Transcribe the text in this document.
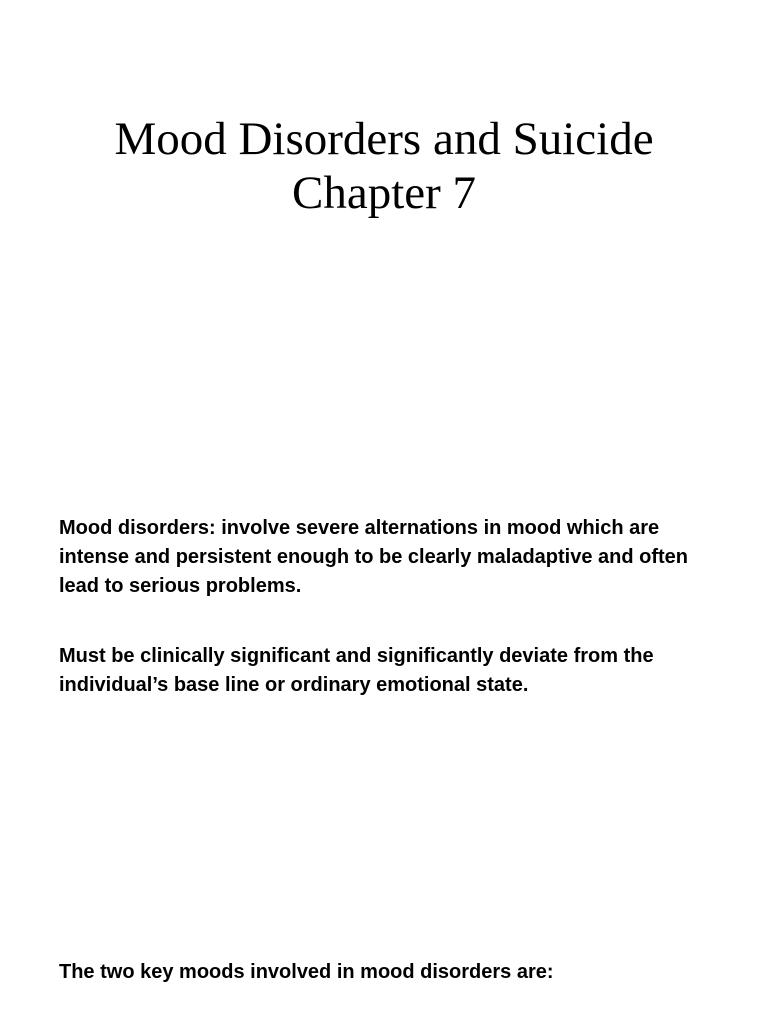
Mood Disorders and Suicide
Chapter 7

Mood disorders: involve severe alternations in mood which are intense and persistent enough to be clearly maladaptive and often lead to serious problems.

Must be clinically significant and significantly deviate from the individual’s base line or ordinary emotional state.

The two key moods involved in mood disorders are:
